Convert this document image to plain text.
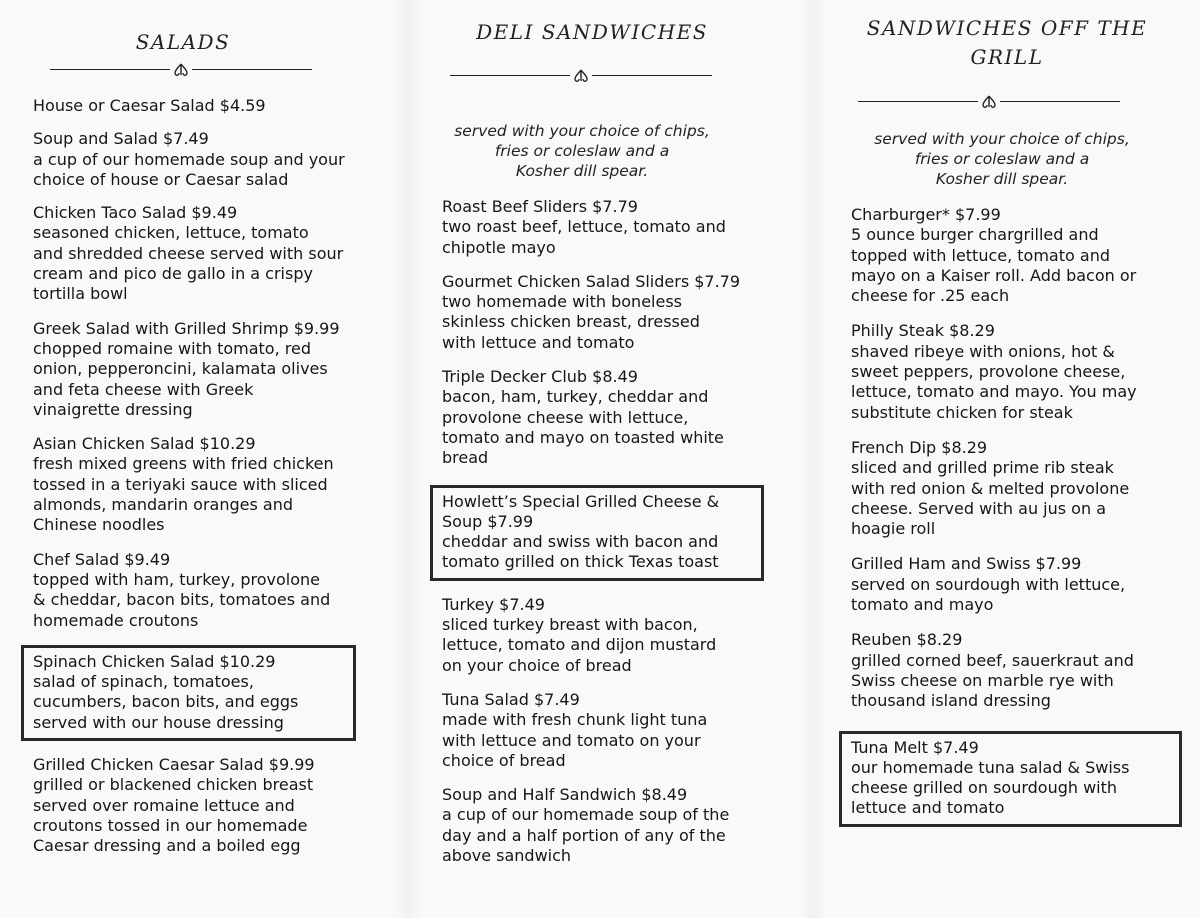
SALADS
House or Caesar Salad $4.59
Soup and Salad $7.49
a cup of our homemade soup and your
choice of house or Caesar salad
Chicken Taco Salad $9.49
seasoned chicken, lettuce, tomato
and shredded cheese served with sour
cream and pico de gallo in a crispy
tortilla bowl
Greek Salad with Grilled Shrimp $9.99
chopped romaine with tomato, red
onion, pepperoncini, kalamata olives
and feta cheese with Greek
vinaigrette dressing
Asian Chicken Salad $10.29
fresh mixed greens with fried chicken
tossed in a teriyaki sauce with sliced
almonds, mandarin oranges and
Chinese noodles
Chef Salad $9.49
topped with ham, turkey, provolone
& cheddar, bacon bits, tomatoes and
homemade croutons
Spinach Chicken Salad $10.29
salad of spinach, tomatoes,
cucumbers, bacon bits, and eggs
served with our house dressing
Grilled Chicken Caesar Salad $9.99
grilled or blackened chicken breast
served over romaine lettuce and
croutons tossed in our homemade
Caesar dressing and a boiled egg
DELI SANDWICHES
served with your choice of chips,
fries or coleslaw and a
Kosher dill spear.
Roast Beef Sliders $7.79
two roast beef, lettuce, tomato and
chipotle mayo
Gourmet Chicken Salad Sliders $7.79
two homemade with boneless
skinless chicken breast, dressed
with lettuce and tomato
Triple Decker Club $8.49
bacon, ham, turkey, cheddar and
provolone cheese with lettuce,
tomato and mayo on toasted white
bread
Howlett’s Special Grilled Cheese &
Soup $7.99
cheddar and swiss with bacon and
tomato grilled on thick Texas toast
Turkey $7.49
sliced turkey breast with bacon,
lettuce, tomato and dijon mustard
on your choice of bread
Tuna Salad $7.49
made with fresh chunk light tuna
with lettuce and tomato on your
choice of bread
Soup and Half Sandwich $8.49
a cup of our homemade soup of the
day and a half portion of any of the
above sandwich
SANDWICHES OFF THE
GRILL
served with your choice of chips,
fries or coleslaw and a
Kosher dill spear.
Charburger* $7.99
5 ounce burger chargrilled and
topped with lettuce, tomato and
mayo on a Kaiser roll. Add bacon or
cheese for .25 each
Philly Steak $8.29
shaved ribeye with onions, hot &
sweet peppers, provolone cheese,
lettuce, tomato and mayo. You may
substitute chicken for steak
French Dip $8.29
sliced and grilled prime rib steak
with red onion & melted provolone
cheese. Served with au jus on a
hoagie roll
Grilled Ham and Swiss $7.99
served on sourdough with lettuce,
tomato and mayo
Reuben $8.29
grilled corned beef, sauerkraut and
Swiss cheese on marble rye with
thousand island dressing
Tuna Melt $7.49
our homemade tuna salad & Swiss
cheese grilled on sourdough with
lettuce and tomato
